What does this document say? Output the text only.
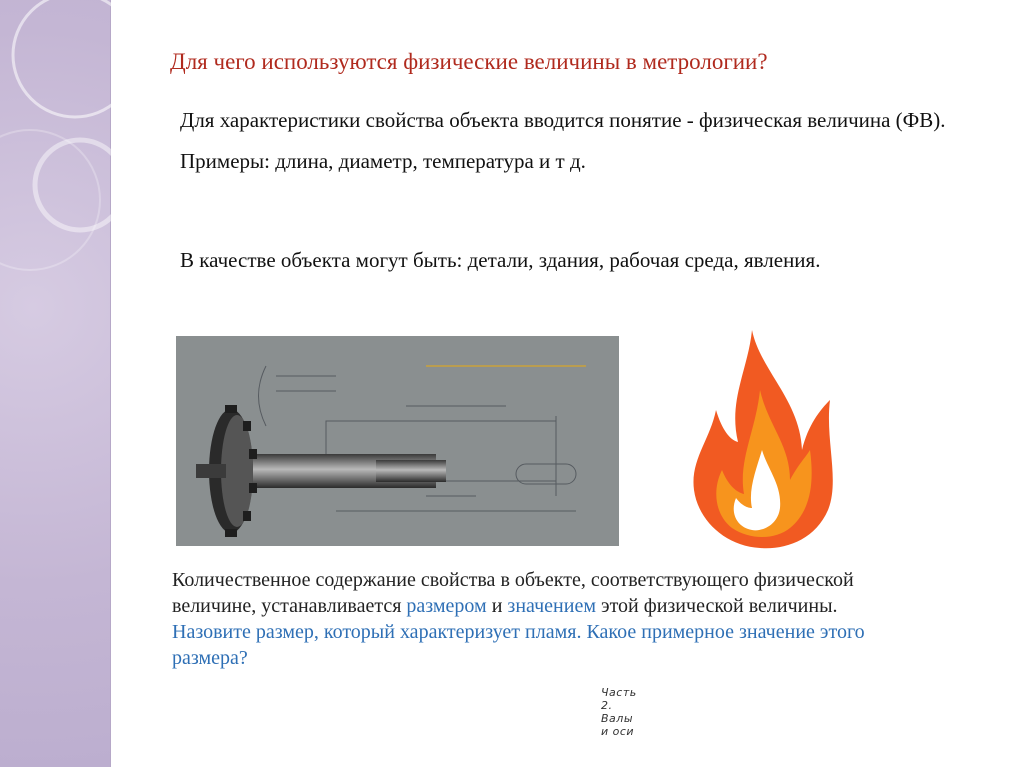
Для чего используются физические величины в метрологии?
Для характеристики свойства объекта вводится понятие - физическая величина (ФВ). Примеры: длина, диаметр, температура и т д.
В качестве объекта могут быть: детали, здания, рабочая среда, явления.
Часть 2. Валы и оси
Количественное содержание свойства в объекте, соответствующего физической величине, устанавливается размером и значением этой физической величины.
Назовите размер, который характеризует пламя. Какое примерное значение этого размера?
